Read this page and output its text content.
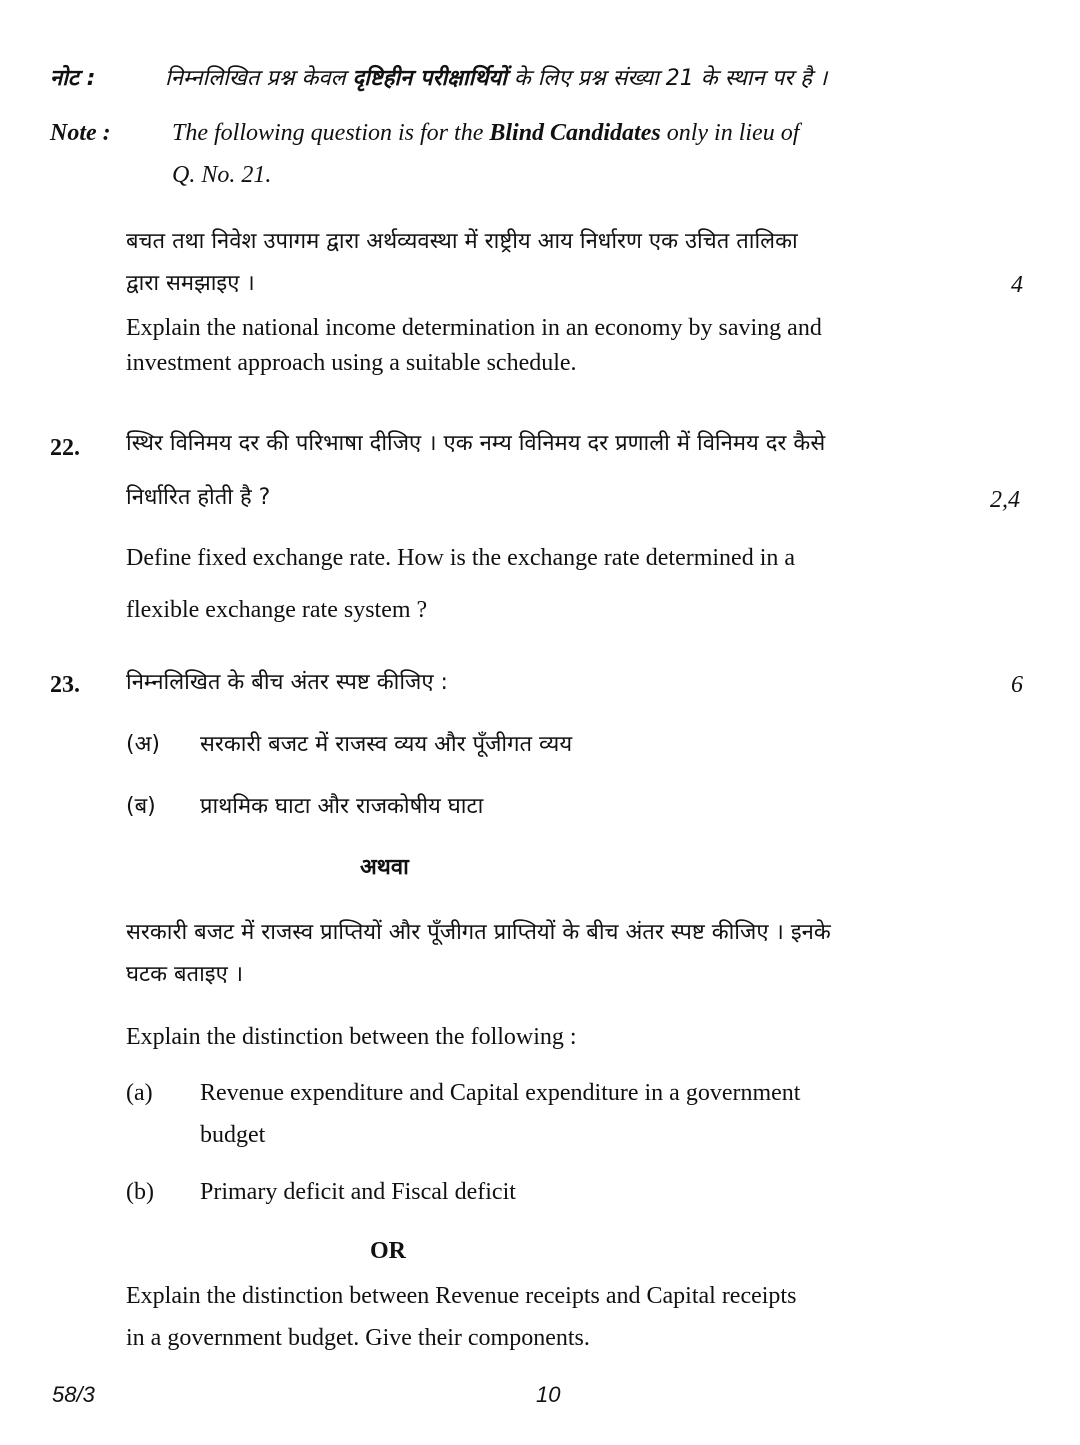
नोट :	निम्नलिखित प्रश्न केवल दृष्टिहीन परीक्षार्थियों के लिए प्रश्न संख्या 21 के स्थान पर है ।
Note :	The following question is for the Blind Candidates only in lieu of
Q. No. 21.
बचत तथा निवेश उपागम द्वारा अर्थव्यवस्था में राष्ट्रीय आय निर्धारण एक उचित तालिका
द्वारा समझाइए ।	4
Explain the national income determination in an economy by saving and
investment approach using a suitable schedule.
22. स्थिर विनिमय दर की परिभाषा दीजिए । एक नम्य विनिमय दर प्रणाली में विनिमय दर कैसे
निर्धारित होती है ?	2,4
Define fixed exchange rate. How is the exchange rate determined in a
flexible exchange rate system ?
23. निम्नलिखित के बीच अंतर स्पष्ट कीजिए :	6
(अ) सरकारी बजट में राजस्व व्यय और पूँजीगत व्यय
(ब) प्राथमिक घाटा और राजकोषीय घाटा
अथवा
सरकारी बजट में राजस्व प्राप्तियों और पूँजीगत प्राप्तियों के बीच अंतर स्पष्ट कीजिए । इनके
घटक बताइए ।
Explain the distinction between the following :
(a) Revenue expenditure and Capital expenditure in a government
budget
(b) Primary deficit and Fiscal deficit
OR
Explain the distinction between Revenue receipts and Capital receipts
in a government budget. Give their components.
58/3	10
